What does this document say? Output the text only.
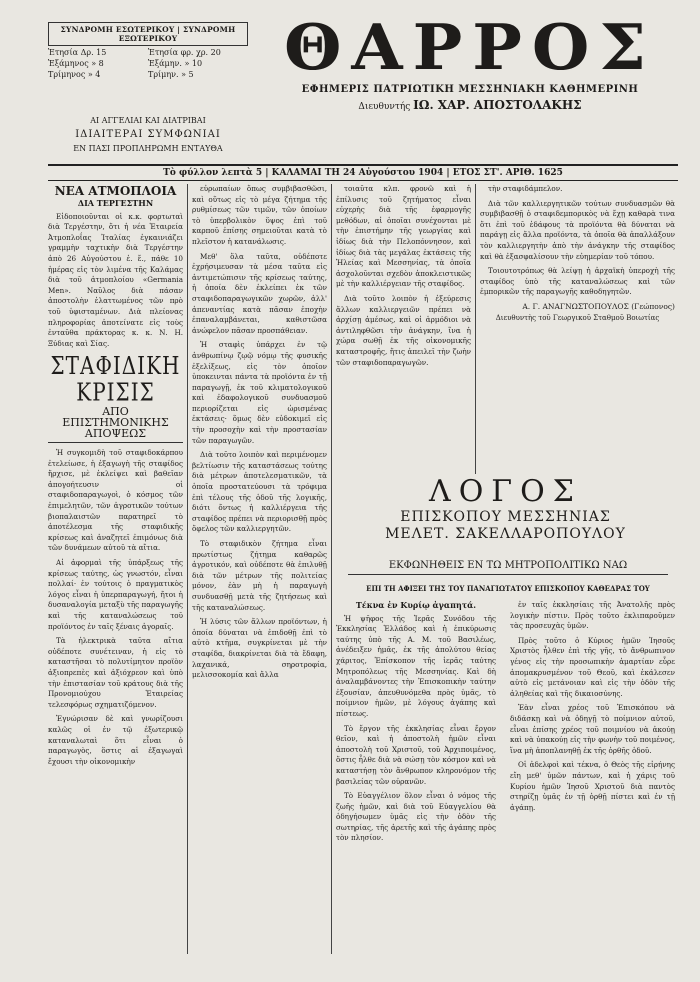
ΣΥΝΔΡΟΜΗ ΕΣΩΤΕΡΙΚΟΥ | ΣΥΝΔΡΟΜΗ ΕΞΩΤΕΡΙΚΟΥ
Ἐτησία Δρ. 15	Ἐτησία φρ. χρ. 20
Ἑξάμηνος » 8	Ἑξάμην. » 10
Τρίμηνος » 4	Τρίμην. » 5
ΑΙ ΑΓΓΕΛΙΑΙ ΚΑΙ ΔΙΑΤΡΙΒΑΙ
ΙΔΙΑΙΤΕΡΑΙ ΣΥΜΦΩΝΙΑΙ
ΕΝ ΠΑΣΙ ΠΡΟΠΛΗΡΩΜΗ ΕΝΤΑΥΘΑ
ΘΑΡΡΟΣ
ΕΦΗΜΕΡΙΣ ΠΑΤΡΙΩΤΙΚΗ ΜΕΣΣΗΝΙΑΚΗ ΚΑΘΗΜΕΡΙΝΗ
Διευθυντής ΙΩ. ΧΑΡ. ΑΠΟΣΤΟΛΑΚΗΣ
Τὸ φύλλον λεπτὰ 5 | ΚΑΛΑΜΑΙ ΤΗ 24 Αὐγούστου 1904 | ΕΤΟΣ ΣΤ'. ΑΡΙΘ. 1625
ΝΕΑ ΑΤΜΟΠΛΟΙΑ
ΔΙΑ ΤΕΡΓΕΣΤΗΝ

Εἰδοποιοῦνται οἱ κ.κ. φορτωταὶ διὰ Τεργέστην, ὅτι ἡ νέα Ἑταιρεία Ἀτμοπλοΐας Ἰταλίας ἐγκαινιάζει γραμμὴν ταχτικὴν διὰ Τεργέστην ἀπὸ 26 Αὐγούστου ἐ. ἔ., πάθε 10 ἡμέρας εἰς τὸν λιμένα τῆς Καλάμας διὰ τοῦ ἀτμοπλοίου «Germania Men». Ναῦλος διὰ πάσαν ἀποστολὴν ἐλαττωμένος τῶν πρὸ τοῦ ὑφισταμένων. Διὰ πλείονας πληροφορίας ἀποτείνατε εἰς τοὺς ἐνταῦθα πράκτορας κ. κ. Ν. Η. Ξύδιας καὶ Σίας.

ΣΤΑΦΙΔΙΚΗ ΚΡΙΣΙΣ
ΑΠΟ ΕΠΙΣΤΗΜΟΝΙΚΗΣ ΑΠΟΨΕΩΣ

Ἡ συγκομιδὴ τοῦ σταφιδοκάρπου ἐτελείωσε, ἡ ἐξαγωγὴ τῆς σταφίδος ἤρχισε, μὲ ἐκλείψει καὶ βαθεῖαν ἀπογοήτευσιν οἱ σταφιδοπαραγωγοὶ, ὁ κόσμος τῶν ἐπιμελητῶν, τῶν ἀγροτικῶν τούτων βιοπαλαιστῶν παρατηρεῖ τὸ ἀποτέλεσμα τῆς σταφιδικῆς κρίσεως καὶ ἀναζητεῖ ἐπιμόνως διὰ τῶν δυνάμεων αὐτοῦ τὰ αἴτια.

Αἱ ἀφορμαὶ τῆς ὑπάρξεως τῆς κρίσεως ταύτης, ὡς γνωστόν, εἶναι πολλαί· ἐν τούτοις ὁ πραγματικὸς λόγος εἶναι ἡ ὑπερπαραγωγή, ἤτοι ἡ δυσαναλογία μεταξὺ τῆς παραγωγῆς καὶ τῆς καταναλώσεως τοῦ προϊόντος ἐν ταῖς ξέναις ἀγοραῖς.

Τὰ ἠλεκτρικὰ ταῦτα αἴτια οὐδέποτε συνέτειναν, ἡ εἰς τὸ καταστῆσαι τὸ πολυτίμητον προϊὸν ἀξιοπρεπὲς καὶ ἀξιόχρεον καὶ ὑπὸ τὴν ἐπιστασίαν τοῦ κράτους διὰ τῆς Προνομιούχου Ἑταιρείας τελεσφόρως σχηματιζόμενον.

Ἐγνώρισαν δὲ καὶ γνωρίζουσι καλῶς οἱ ἐν τῷ ἐξωτερικῷ καταναλωταὶ ὅτι εἶναι ὁ παραγωγὸς, ὅστις αἱ ἐξαγωγαὶ ἔχουσι τὴν οἰκονομικὴν

εὐρωπαίων ὅπως συμβιβασθῶσι, καὶ οὕτως εἰς τὸ μέγα ζήτημα τῆς ρυθμίσεως τῶν τιμῶν, τῶν ὁποίων τὸ ὑπερβολικὸν ὕψος ἐπὶ τοῦ καρποῦ ἐπίσης σημειοῦται κατὰ τὸ πλεῖστον ἡ κατανάλωσις.

Μεθ' ὅλα ταῦτα, οὐδέποτε ἐχρήσιμευσαν τὰ μέσα ταῦτα εἰς ἀντιμετώπισιν τῆς κρίσεως ταύτης, ἡ ὁποία δὲν ἐκλείπει ἐκ τῶν σταφιδοπαραγωγικῶν χωρῶν, ἀλλ' ἀπεναντίας κατὰ πᾶσαν ἐποχὴν ἐπαναλαμβάνεται, καθιστῶσα ἀνώφελον πᾶσαν προσπάθειαν.

Ἡ σταφὶς ὑπάρχει ἐν τῷ ἀνθρωπίνῳ ζῳῷ νόμῳ τῆς φυσικῆς ἐξελίξεως, εἰς τὸν ὁποῖον ὑποκεινται πάντα τὰ προϊόντα ἐν τῇ παραγωγῇ, ἐκ τοῦ κλιματολογικοῦ καὶ ἐδαφολογικοῦ συνδυασμοῦ περιορίζεται εἰς ὡρισμένας ἐκτάσεις· ὅμως δὲν εὐδοκιμεῖ εἰς τὴν προσοχὴν καὶ τὴν προστασίαν τῶν παραγωγῶν.

Διὰ τοῦτο λοιπὸν καὶ περιμένομεν βελτίωσιν τῆς καταστάσεως τούτης διὰ μέτρων ἀποτελεσματικῶν, τὰ ὁποῖα προστατεύουσι τὰ τρόφιμα ἐπὶ τέλους τῆς ὁδοῦ τῆς λογικῆς, διότι ὄντως ἡ καλλιέργεια τῆς σταφίδος πρέπει νὰ περιορισθῇ πρὸς ὄφελος τῶν καλλιεργητῶν.

Τὸ σταφιδικὸν ζήτημα εἶναι πρωτίστως ζήτημα καθαρῶς ἀγροτικόν, καὶ οὐδέποτε θὰ ἐπιλυθῇ διὰ τῶν μέτρων τῆς πολιτείας μόνον, ἐὰν μὴ ἡ παραγωγὴ συνδυασθῇ μετὰ τῆς ζητήσεως καὶ τῆς καταναλώσεως.

Ἡ λύσις τῶν ἄλλων προϊόντων, ἡ ὁποία δύναται νὰ ἐπιδοθῇ ἐπὶ τὸ αὐτὸ κτῆμα, συγκρίνεται μὲ τὴν σταφίδα, διακρίνεται διὰ τὰ ἔδαφη, λαχανικά, σηροτροφία, μελισσοκομία καὶ ἄλλα

τοιαῦτα κλπ. φρονῶ καὶ ἡ ἐπίλυσις τοῦ ζητήματος εἶναι εὐχερὴς διὰ τῆς ἐφαρμογῆς μεθόδων, αἱ ὁποῖαι συνέχονται μὲ τὴν ἐπιστήμην τῆς γεωργίας καὶ ἰδίως διὰ τὴν Πελοπόννησον, καὶ ἰδίως διὰ τὰς μεγάλας ἐκτάσεις τῆς Ἠλείας καὶ Μεσσηνίας, τὰ ὁποῖα ἀσχολοῦνται σχεδὸν ἀποκλειστικῶς μὲ τὴν καλλιέργειαν τῆς σταφίδος.

Διὰ τοῦτο λοιπὸν ἡ ἐξεύρεσις ἄλλων καλλιεργειῶν πρέπει νὰ ἀρχίσῃ ἀμέσως, καὶ οἱ ἁρμόδιοι νὰ ἀντιληφθῶσι τὴν ἀνάγκην, ἵνα ἡ χώρα σωθῇ ἐκ τῆς οἰκονομικῆς καταστροφῆς, ἥτις ἀπειλεῖ τὴν ζωὴν τῶν σταφιδοπαραγωγῶν.

τὴν σταφιδάμπελον.

Διὰ τῶν καλλιεργητικῶν τούτων συνδυασμῶν θὰ συμβιβασθῇ ὁ σταφιδεμπορικὸς νὰ ἔχῃ καθαρὰ τινα ὅτι ἐπὶ τοῦ ἐδάφους τὰ προϊόντα θὰ δύναται νὰ παράγῃ εἰς ἄλλα προϊόντα, τὰ ὁποῖα θὰ ἀπαλλάξουν τὸν καλλιεργητὴν ἀπὸ τὴν ἀνάγκην τῆς σταφίδος καὶ θὰ ἐξασφαλίσουν τὴν εὐημερίαν τοῦ τόπου.

Τοιουτοτρόπως θὰ λείψῃ ἡ ἀρχαϊκὴ ὑπεροχὴ τῆς σταφίδος ὑπὸ τῆς καταναλώσεως καὶ τῶν ἐμπορικῶν τῆς παραγωγῆς καθοδηγητῶν.

Α. Γ. ΑΝΑΓΝΩΣΤΟΠΟΥΛΟΣ (Γεώπονος)
Διευθυντὴς τοῦ Γεωργικοῦ Σταθμοῦ Βοιωτίας
ΛΟΓΟΣ
ΕΠΙΣΚΟΠΟΥ ΜΕΣΣΗΝΙΑΣ
ΜΕΛΕΤ. ΣΑΚΕΛΛΑΡΟΠΟΥΛΟΥ
ΕΚΦΩΝΗΘΕΙΣ ΕΝ ΤΩ ΜΗΤΡΟΠΟΛΙΤΙΚΩ ΝΑΩ
ΕΠΙ ΤΗ ΑΦΙΞΕΙ ΤΗΣ ΤΟΥ ΠΑΝΑΓΙΩΤΑΤΟΥ ΕΠΙΣΚΟΠΟΥ ΚΑΘΕΔΡΑΣ ΤΟΥ
Τέκνα ἐν Κυρίῳ ἀγαπητά.

Ἡ ψῆφος τῆς Ἱερᾶς Συνόδου τῆς Ἐκκλησίας Ἑλλάδος καὶ ἡ ἐπικύρωσις ταύτης ὑπὸ τῆς Α. Μ. τοῦ Βασιλέως, ἀνέδειξεν ἡμᾶς, ἐκ τῆς ἀπολύτου θείας χάριτος, Ἐπίσκοπον τῆς ἱερᾶς ταύτης Μητροπόλεως τῆς Μεσσηνίας. Καὶ δὴ ἀναλαμβάνοντες τὴν Ἐπισκοπικὴν ταύτην ἐξουσίαν, ἀπευθυνόμεθα πρὸς ὑμᾶς, τὸ ποίμνιον ἡμῶν, μὲ λόγους ἀγάπης καὶ πίστεως.

Τὸ ἔργον τῆς ἐκκλησίας εἶναι ἔργον θεῖον, καὶ ἡ ἀποστολὴ ἡμῶν εἶναι ἀποστολὴ τοῦ Χριστοῦ, τοῦ Ἀρχιποιμένος, ὅστις ἦλθε διὰ νὰ σώσῃ τὸν κόσμον καὶ νὰ καταστήσῃ τὸν ἄνθρωπον κληρονόμον τῆς βασιλείας τῶν οὐρανῶν.

Τὸ Εὐαγγέλιον ὅλον εἶναι ὁ νόμος τῆς ζωῆς ἡμῶν, καὶ διὰ τοῦ Εὐαγγελίου θὰ ὁδηγήσωμεν ὑμᾶς εἰς τὴν ὁδὸν τῆς σωτηρίας, τῆς ἀρετῆς καὶ τῆς ἀγάπης πρὸς τὸν πλησίον.

ἐν ταῖς ἐκκλησίαις τῆς Ἀνατολῆς πρὸς λογικὴν πίστιν. Πρὸς τοῦτο ἐκλιπαροῦμεν τὰς προσευχὰς ὑμῶν.

Πρὸς τοῦτο ὁ Κύριος ἡμῶν Ἰησοῦς Χριστὸς ἦλθεν ἐπὶ τῆς γῆς, τὸ ἄνθρωπινον γένος εἰς τὴν προσωπικὴν ἁμαρτίαν εὗρε ἀπομακρυσμένον τοῦ Θεοῦ, καὶ ἐκάλεσεν αὐτὸ εἰς μετάνοιαν καὶ εἰς τὴν ὁδὸν τῆς ἀληθείας καὶ τῆς δικαιοσύνης.

Ἐὰν εἶναι χρέος τοῦ Ἐπισκόπου νὰ διδάσκῃ καὶ νὰ ὁδηγῇ τὸ ποίμνιον αὐτοῦ, εἶναι ἐπίσης χρέος τοῦ ποιμνίου νὰ ἀκούῃ καὶ νὰ ὑπακούῃ εἰς τὴν φωνὴν τοῦ ποιμένος, ἵνα μὴ ἀποπλανηθῇ ἐκ τῆς ὀρθῆς ὁδοῦ.

Οἱ ἀδελφοὶ καὶ τέκνα, ὁ Θεὸς τῆς εἰρήνης εἴη μεθ' ὑμῶν πάντων, καὶ ἡ χάρις τοῦ Κυρίου ἡμῶν Ἰησοῦ Χριστοῦ διὰ παντὸς στηρίζῃ ὑμᾶς ἐν τῇ ὀρθῇ πίστει καὶ ἐν τῇ ἀγάπῃ.
